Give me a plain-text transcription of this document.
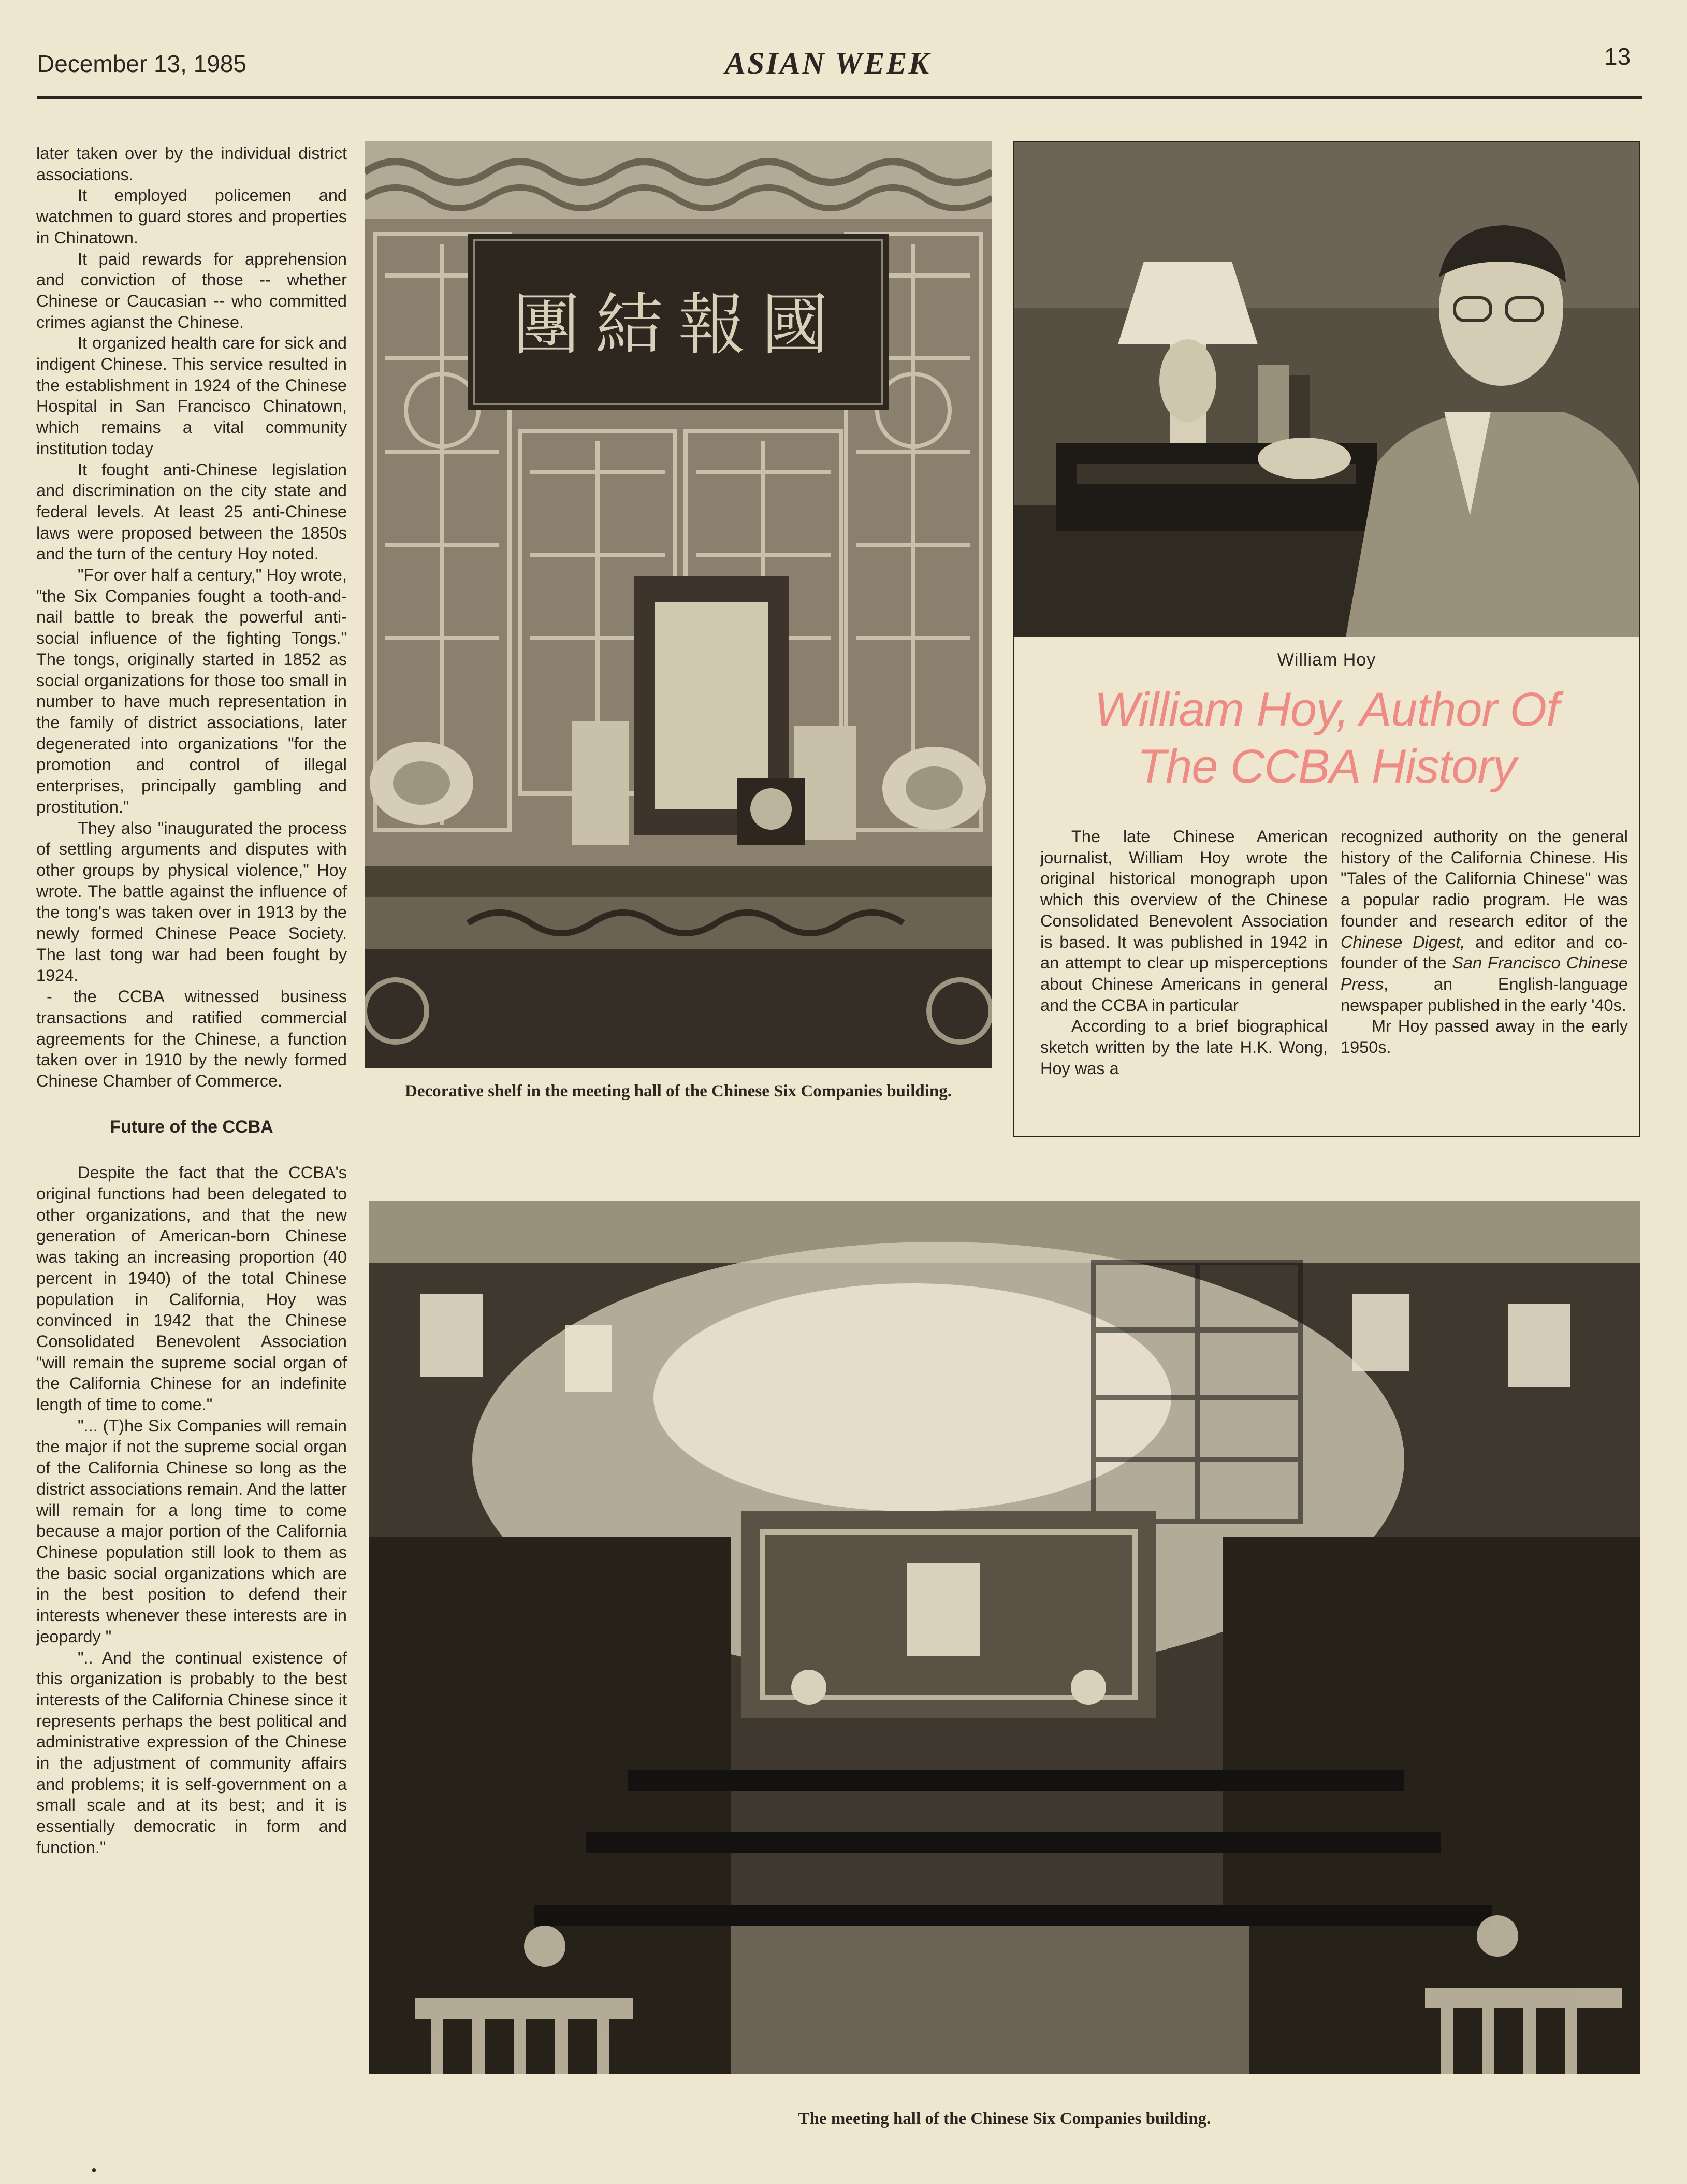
December 13, 1985	ASIAN WEEK	13

later taken over by the individual district associations.

It employed policemen and watchmen to guard stores and properties in Chinatown.

It paid rewards for apprehension and conviction of those -- whether Chinese or Caucasian -- who committed crimes agianst the Chinese.

It organized health care for sick and indigent Chinese. This service resulted in the establishment in 1924 of the Chinese Hospital in San Francisco Chinatown, which remains a vital community institution today

It fought anti-Chinese legislation and discrimination on the city state and federal levels. At least 25 anti-Chinese laws were proposed between the 1850s and the turn of the century Hoy noted.

"For over half a century," Hoy wrote, "the Six Companies fought a tooth-and-nail battle to break the powerful anti-social influence of the fighting Tongs." The tongs, originally started in 1852 as social organizations for those too small in number to have much representation in the family of district associations, later degenerated into organizations "for the promotion and control of illegal enterprises, principally gambling and prostitution."

They also "inaugurated the process of settling arguments and disputes with other groups by physical violence," Hoy wrote. The battle against the influence of the tong's was taken over in 1913 by the newly formed Chinese Peace Society. The last tong war had been fought by 1924.

- the CCBA witnessed business transactions and ratified commercial agreements for the Chinese, a function taken over in 1910 by the newly formed Chinese Chamber of Commerce.

Future of the CCBA

Despite the fact that the CCBA's original functions had been delegated to other organizations, and that the new generation of American-born Chinese was taking an increasing proportion (40 percent in 1940) of the total Chinese population in California, Hoy was convinced in 1942 that the Chinese Consolidated Benevolent Association "will remain the supreme social organ of the California Chinese for an indefinite length of time to come."

"... (T)he Six Companies will remain the major if not the supreme social organ of the California Chinese so long as the district associations remain. And the latter will remain for a long time to come because a major portion of the California Chinese population still look to them as the basic social organizations which are in the best position to defend their interests whenever these interests are in jeopardy "

".. And the continual existence of this organization is probably to the best interests of the California Chinese since it represents perhaps the best political and administrative expression of the Chinese in the adjustment of community affairs and problems; it is self-government on a small scale and at its best; and it is essentially democratic in form and function."

團結報國
Decorative shelf in the meeting hall of the Chinese Six Companies building.
William Hoy
William Hoy, Author Of The CCBA History

The late Chinese American journalist, William Hoy wrote the original historical monograph upon which this overview of the Chinese Consolidated Benevolent Association is based. It was published in 1942 in an attempt to clear up misperceptions about Chinese Americans in general and the CCBA in particular

According to a brief biographical sketch written by the late H.K. Wong, Hoy was a

recognized authority on the general history of the California Chinese. His "Tales of the California Chinese" was a popular radio program. He was founder and research editor of the Chinese Digest, and editor and co-founder of the San Francisco Chinese Press, an English-language newspaper published in the early '40s.

Mr Hoy passed away in the early 1950s.

The meeting hall of the Chinese Six Companies building.
